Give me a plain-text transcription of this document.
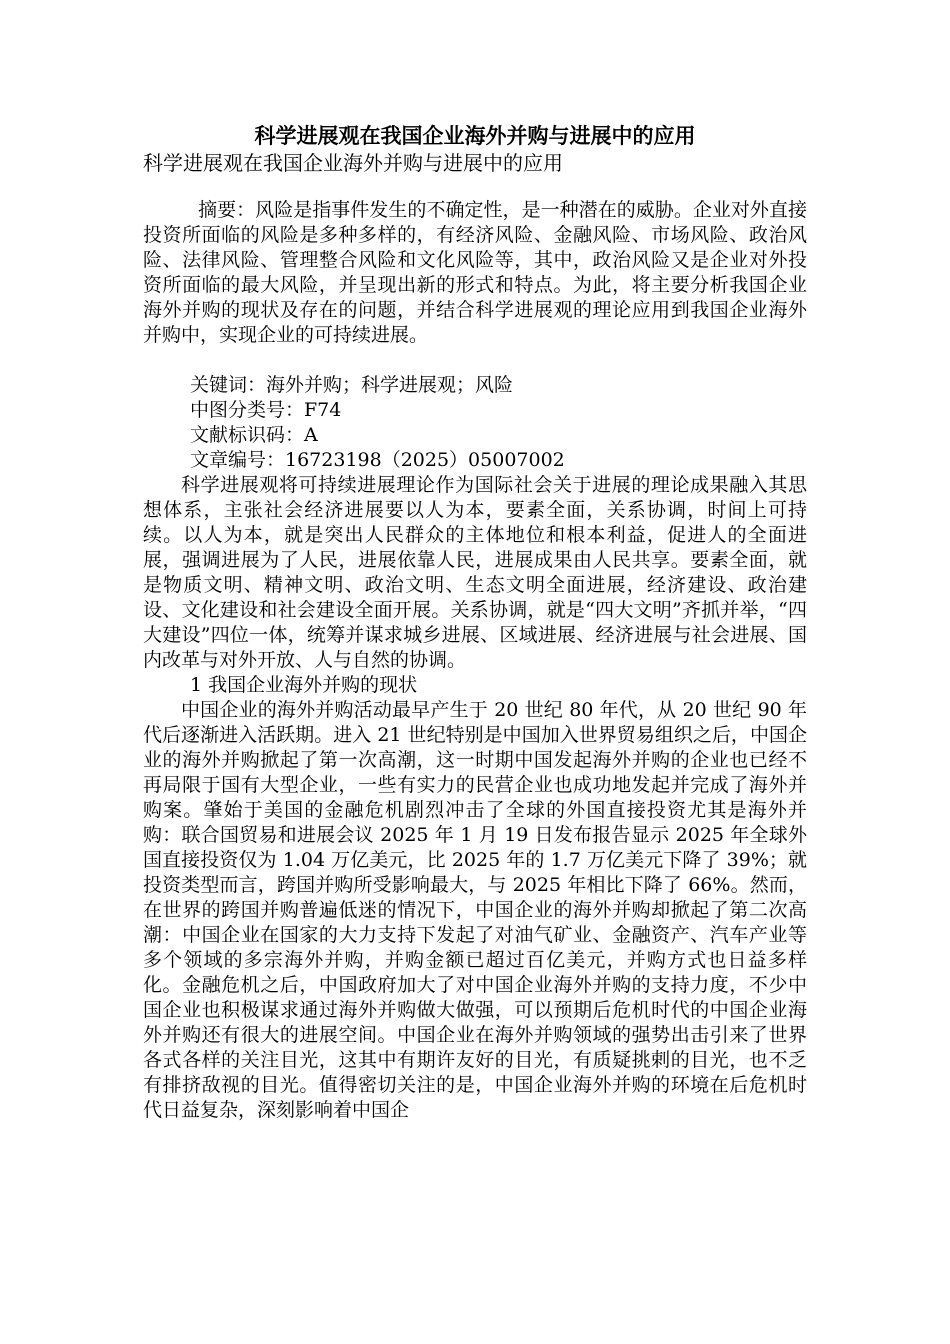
科学进展观在我国企业海外并购与进展中的应用
科学进展观在我国企业海外并购与进展中的应用

摘要：风险是指事件发生的不确定性，是一种潜在的威胁。企业对外直接投资所面临的风险是多种多样的，有经济风险、金融风险、市场风险、政治风险、法律风险、管理整合风险和文化风险等，其中，政治风险又是企业对外投资所面临的最大风险，并呈现出新的形式和特点。为此，将主要分析我国企业海外并购的现状及存在的问题，并结合科学进展观的理论应用到我国企业海外并购中，实现企业的可持续进展。

关键词：海外并购；科学进展观；风险

中图分类号：F74

文献标识码：A

文章编号：16723198（2025）05007002

科学进展观将可持续进展理论作为国际社会关于进展的理论成果融入其思想体系，主张社会经济进展要以人为本，要素全面，关系协调，时间上可持续。以人为本，就是突出人民群众的主体地位和根本利益，促进人的全面进展，强调进展为了人民，进展依靠人民，进展成果由人民共享。要素全面，就是物质文明、精神文明、政治文明、生态文明全面进展，经济建设、政治建设、文化建设和社会建设全面开展。关系协调，就是“四大文明”齐抓并举，“四大建设”四位一体，统筹并谋求城乡进展、区域进展、经济进展与社会进展、国内改革与对外开放、人与自然的协调。

1 我国企业海外并购的现状

中国企业的海外并购活动最早产生于 20 世纪 80 年代，从 20 世纪 90 年代后逐渐进入活跃期。进入 21 世纪特别是中国加入世界贸易组织之后，中国企业的海外并购掀起了第一次高潮，这一时期中国发起海外并购的企业也已经不再局限于国有大型企业，一些有实力的民营企业也成功地发起并完成了海外并购案。肇始于美国的金融危机剧烈冲击了全球的外国直接投资尤其是海外并购：联合国贸易和进展会议 2025 年 1 月 19 日发布报告显示 2025 年全球外国直接投资仅为 1.04 万亿美元，比 2025 年的 1.7 万亿美元下降了 39%；就投资类型而言，跨国并购所受影响最大，与 2025 年相比下降了 66%。然而，在世界的跨国并购普遍低迷的情况下，中国企业的海外并购却掀起了第二次高潮：中国企业在国家的大力支持下发起了对油气矿业、金融资产、汽车产业等多个领域的多宗海外并购，并购金额已超过百亿美元，并购方式也日益多样化。金融危机之后，中国政府加大了对中国企业海外并购的支持力度，不少中国企业也积极谋求通过海外并购做大做强，可以预期后危机时代的中国企业海外并购还有很大的进展空间。中国企业在海外并购领域的强势出击引来了世界各式各样的关注目光，这其中有期许友好的目光，有质疑挑剌的目光，也不乏有排挤敌视的目光。值得密切关注的是，中国企业海外并购的环境在后危机时代日益复杂，深刻影响着中国企
